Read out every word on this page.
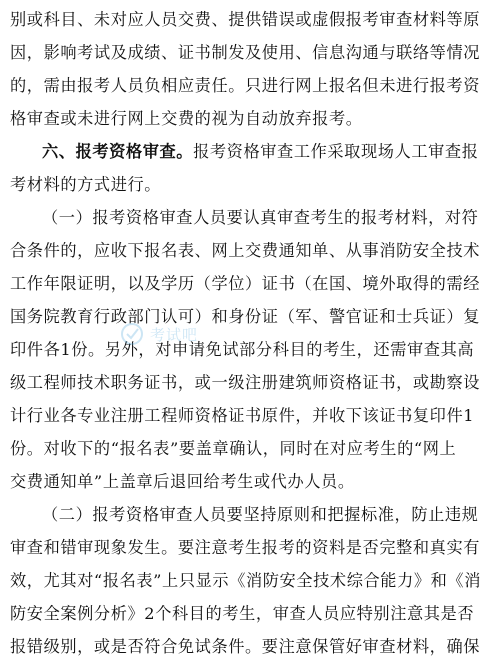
别或科目、未对应人员交费、提供错误或虚假报考审查材料等原
因，影响考试及成绩、证书制发及使用、信息沟通与联络等情况
的，需由报考人员负相应责任。只进行网上报名但未进行报考资
格审查或未进行网上交费的视为自动放弃报考。
六、报考资格审查。报考资格审查工作采取现场人工审查报
考材料的方式进行。
（一）报考资格审查人员要认真审查考生的报考材料，对符
合条件的，应收下报名表、网上交费通知单、从事消防安全技术
工作年限证明，以及学历（学位）证书（在国、境外取得的需经
国务院教育行政部门认可）和身份证（军、警官证和士兵证）复
印件各1份。另外，对申请免试部分科目的考生，还需审查其高
级工程师技术职务证书，或一级注册建筑师资格证书，或勘察设
计行业各专业注册工程师资格证书原件，并收下该证书复印件1
份。对收下的“报名表”要盖章确认，同时在对应考生的“网上
交费通知单”上盖章后退回给考生或代办人员。
（二）报考资格审查人员要坚持原则和把握标准，防止违规
审查和错审现象发生。要注意考生报考的资料是否完整和真实有
效，尤其对“报名表”上只显示《消防安全技术综合能力》和《消
防安全案例分析》2个科目的考生，审查人员应特别注意其是否
报错级别，或是否符合免试条件。要注意保管好审查材料，确保
考试吧
